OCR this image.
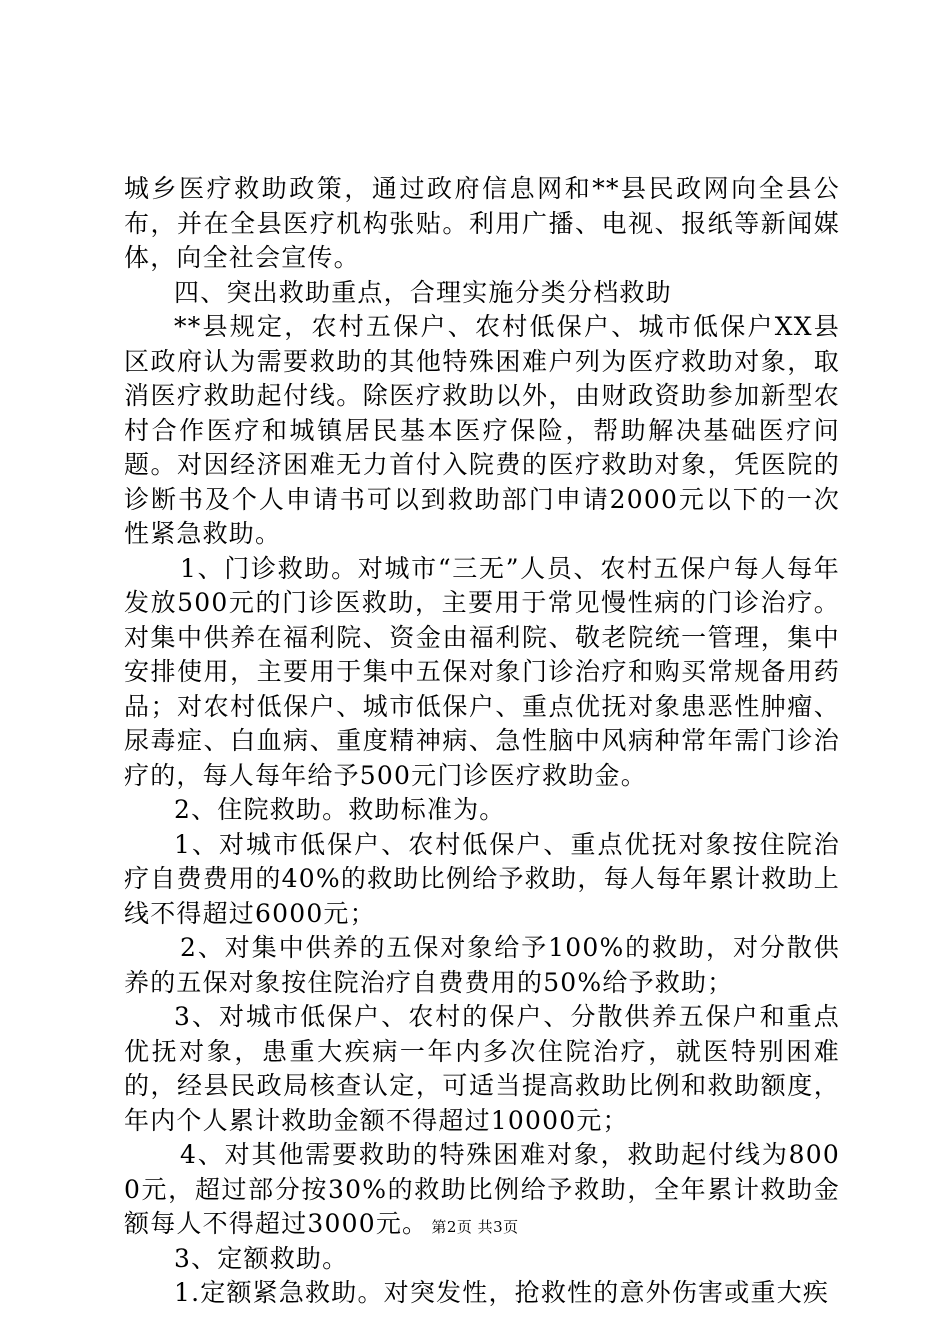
城乡医疗救助政策，通过政府信息网和**县民政网向全县公布，并在全县医疗机构张贴。利用广播、电视、报纸等新闻媒体，向全社会宣传。

四、突出救助重点，合理实施分类分档救助

**县规定，农村五保户、农村低保户、城市低保户XX县区政府认为需要救助的其他特殊困难户列为医疗救助对象，取消医疗救助起付线。除医疗救助以外，由财政资助参加新型农村合作医疗和城镇居民基本医疗保险，帮助解决基础医疗问题。对因经济困难无力首付入院费的医疗救助对象，凭医院的诊断书及个人申请书可以到救助部门申请2000元以下的一次性紧急救助。

1、门诊救助。对城市“三无”人员、农村五保户每人每年发放500元的门诊医救助，主要用于常见慢性病的门诊治疗。对集中供养在福利院、资金由福利院、敬老院统一管理，集中安排使用，主要用于集中五保对象门诊治疗和购买常规备用药品；对农村低保户、城市低保户、重点优抚对象患恶性肿瘤、尿毒症、白血病、重度精神病、急性脑中风病种常年需门诊治疗的，每人每年给予500元门诊医疗救助金。

2、住院救助。救助标准为。

1、对城市低保户、农村低保户、重点优抚对象按住院治疗自费费用的40%的救助比例给予救助，每人每年累计救助上线不得超过6000元；

2、对集中供养的五保对象给予100%的救助，对分散供养的五保对象按住院治疗自费费用的50%给予救助；

3、对城市低保户、农村的保户、分散供养五保户和重点优抚对象，患重大疾病一年内多次住院治疗，就医特别困难的，经县民政局核查认定，可适当提高救助比例和救助额度，年内个人累计救助金额不得超过10000元；

4、对其他需要救助的特殊困难对象，救助起付线为8000元，超过部分按30%的救助比例给予救助，全年累计救助金额每人不得超过3000元。

3、定额救助。

1.定额紧急救助。对突发性，抢救性的意外伤害或重大疾

第2页 共3页
